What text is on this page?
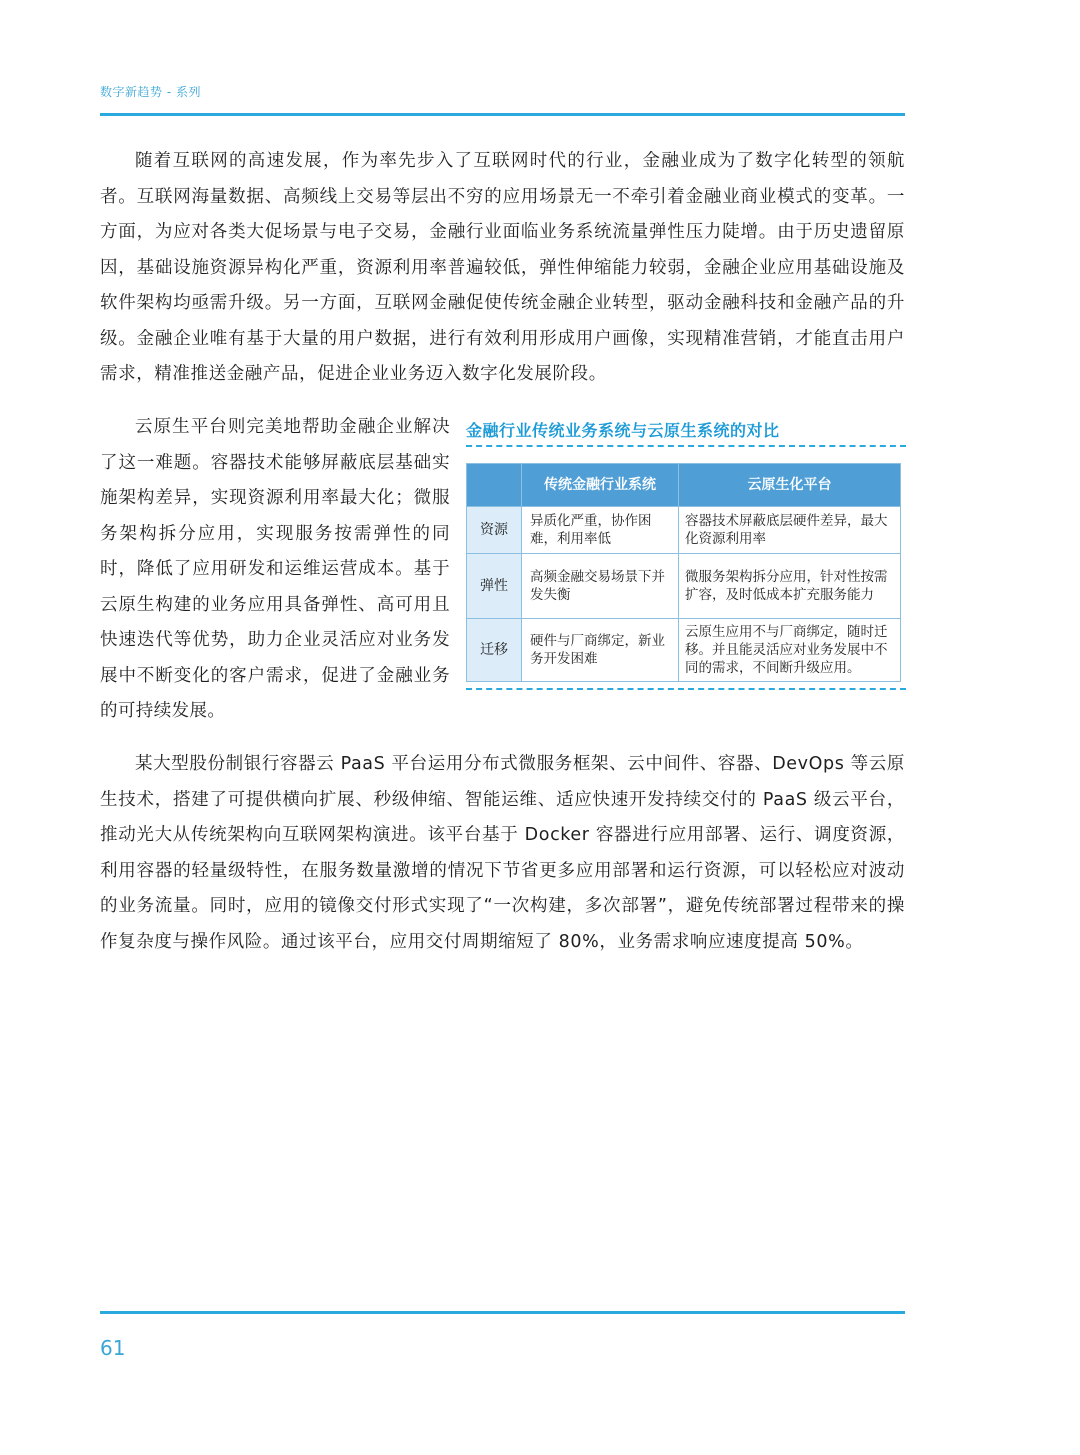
数字新趋势 - 系列

随着互联网的高速发展，作为率先步入了互联网时代的行业，金融业成为了数字化转型的领航者。互联网海量数据、高频线上交易等层出不穷的应用场景无一不牵引着金融业商业模式的变革。一方面，为应对各类大促场景与电子交易，金融行业面临业务系统流量弹性压力陡增。由于历史遗留原因，基础设施资源异构化严重，资源利用率普遍较低，弹性伸缩能力较弱，金融企业应用基础设施及软件架构均亟需升级。另一方面，互联网金融促使传统金融企业转型，驱动金融科技和金融产品的升级。金融企业唯有基于大量的用户数据，进行有效利用形成用户画像，实现精准营销，才能直击用户需求，精准推送金融产品，促进企业业务迈入数字化发展阶段。

云原生平台则完美地帮助金融企业解决了这一难题。容器技术能够屏蔽底层基础实施架构差异，实现资源利用率最大化；微服务架构拆分应用，实现服务按需弹性的同时，降低了应用研发和运维运营成本。基于云原生构建的业务应用具备弹性、高可用且快速迭代等优势，助力企业灵活应对业务发展中不断变化的客户需求，促进了金融业务的可持续发展。

金融行业传统业务系统与云原生系统的对比
	传统金融行业系统	云原生化平台
资源	异质化严重，协作困难，利用率低	容器技术屏蔽底层硬件差异，最大化资源利用率
弹性	高频金融交易场景下并发失衡	微服务架构拆分应用，针对性按需扩容，及时低成本扩充服务能力
迁移	硬件与厂商绑定，新业务开发困难	云原生应用不与厂商绑定，随时迁移。并且能灵活应对业务发展中不同的需求，不间断升级应用。

某大型股份制银行容器云 PaaS 平台运用分布式微服务框架、云中间件、容器、DevOps 等云原生技术，搭建了可提供横向扩展、秒级伸缩、智能运维、适应快速开发持续交付的 PaaS 级云平台，推动光大从传统架构向互联网架构演进。该平台基于 Docker 容器进行应用部署、运行、调度资源，利用容器的轻量级特性，在服务数量激增的情况下节省更多应用部署和运行资源，可以轻松应对波动的业务流量。同时，应用的镜像交付形式实现了“一次构建，多次部署”，避免传统部署过程带来的操作复杂度与操作风险。通过该平台，应用交付周期缩短了 80%，业务需求响应速度提高 50%。

61
